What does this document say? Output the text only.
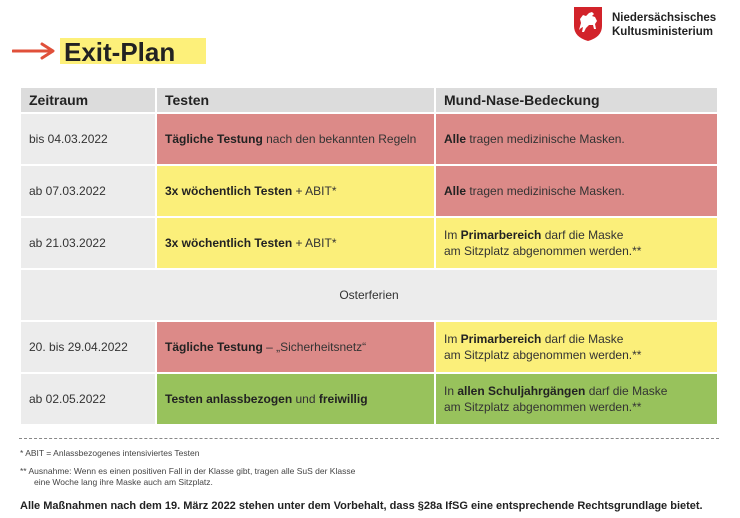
Niedersächsisches
Kultusministerium
Exit-Plan
Zeitraum	Testen	Mund-Nase-Bedeckung
bis 04.03.2022	Tägliche Testung nach den bekannten Regeln	Alle tragen medizinische Masken.
ab 07.03.2022	3x wöchentlich Testen + ABIT*	Alle tragen medizinische Masken.
ab 21.03.2022	3x wöchentlich Testen + ABIT*	Im Primarbereich darf die Maske
am Sitzplatz abgenommen werden.**
Osterferien		
20. bis 29.04.2022	Tägliche Testung – „Sicherheitsnetz“	Im Primarbereich darf die Maske
am Sitzplatz abgenommen werden.**
ab 02.05.2022	Testen anlassbezogen und freiwillig	In allen Schuljahrgängen darf die Maske
am Sitzplatz abgenommen werden.**
* ABIT = Anlassbezogenes intensiviertes Testen
** Ausnahme: Wenn es einen positiven Fall in der Klasse gibt, tragen alle SuS der Klasse
eine Woche lang ihre Maske auch am Sitzplatz.
Alle Maßnahmen nach dem 19. März 2022 stehen unter dem Vorbehalt, dass §28a IfSG eine entsprechende Rechtsgrundlage bietet.
